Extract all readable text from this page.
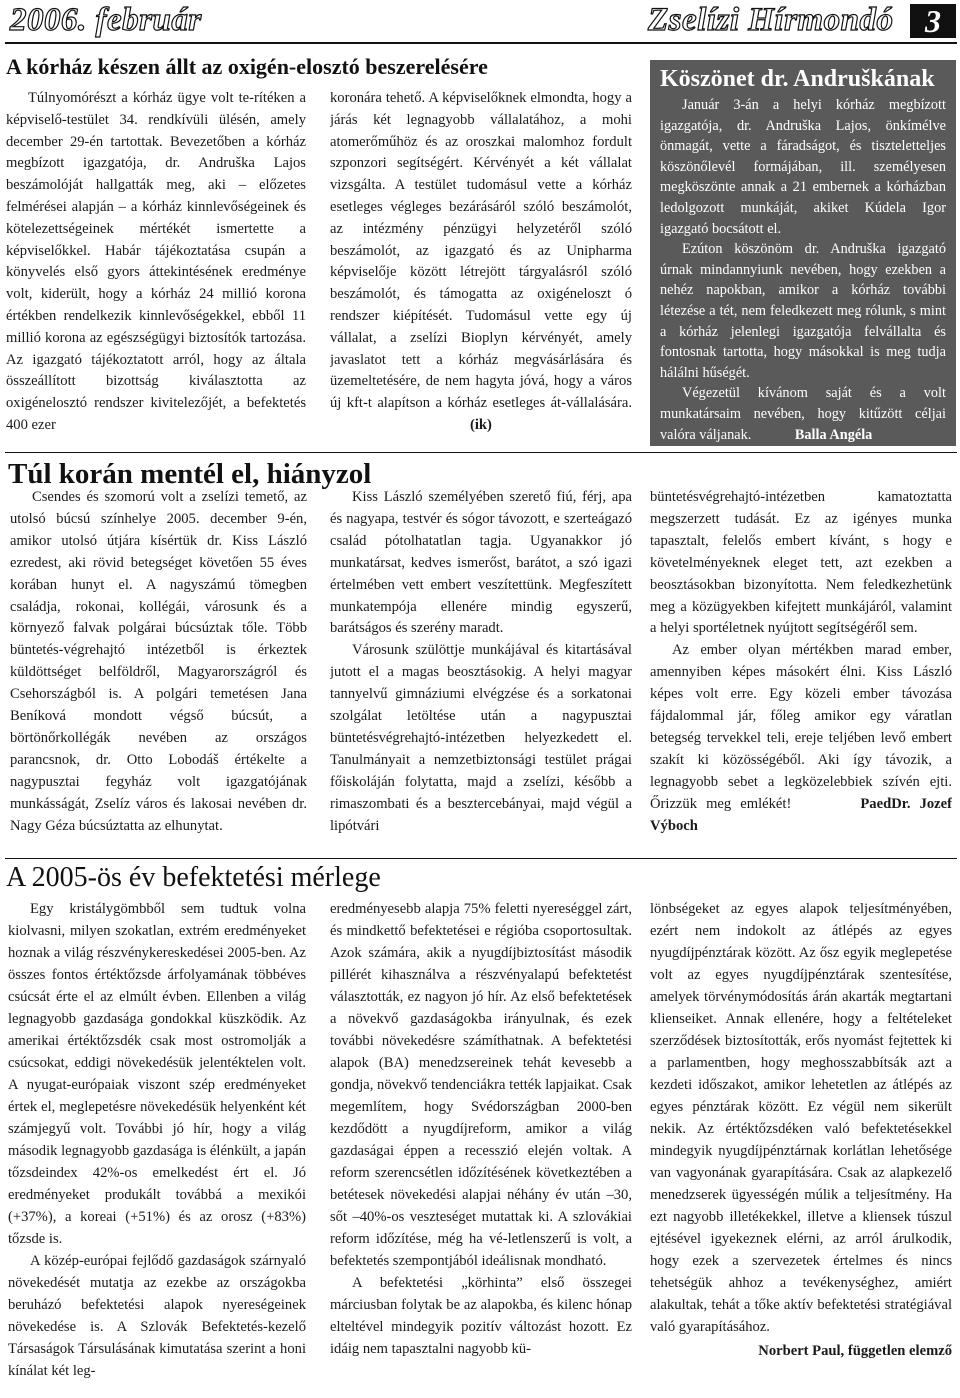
2006. február	Zselízi Hírmondó 3
A kórház készen állt az oxigén-elosztó beszerelésére

Túlnyomórészt a kórház ügye volt te-rítéken a képviselő-testület 34. rendkívüli ülésén, amely december 29-én tartottak. Bevezetőben a kórház megbízott igazgatója, dr. Andruška Lajos beszámolóját hallgatták meg, aki – előzetes felmérései alapján – a kórház kinnlevőségeinek és kötelezettségeinek mértékét ismertette a képviselőkkel. Habár tájékoztatása csupán a könyvelés első gyors áttekintésének eredménye volt, kiderült, hogy a kórház 24 millió korona értékben rendelkezik kinnlevőségekkel, ebből 11 millió korona az egészségügyi biztosítók tartozása. Az igazgató tájékoztatott arról, hogy az általa összeállított bizottság kiválasztotta az oxigénelosztó rendszer kivitelezőjét, a befektetés 400 ezer

koronára tehető. A képviselőknek elmondta, hogy a járás két legnagyobb vállalatához, a mohi atomerőműhöz és az oroszkai malomhoz fordult szponzori segítségért. Kérvényét a két vállalat vizsgálta. A testület tudomásul vette a kórház esetleges végleges bezárásáról szóló beszámolót, az intézmény pénzügyi helyzetéről szóló beszámolót, az igazgató és az Unipharma képviselője között létrejött tárgyalásról szóló beszámolót, és támogatta az oxigéneloszt ó rendszer kiépítését. Tudomásul vette egy új vállalat, a zselízi Bioplyn kérvényét, amely javaslatot tett a kórház megvásárlására és üzemeltetésére, de nem hagyta jóvá, hogy a város új kft-t alapítson a kórház esetleges át-vállalására. (ik)

Köszönet dr. Andruškának

Január 3-án a helyi kórház megbízott igazgatója, dr. Andruška Lajos, önkímélve önmagát, vette a fáradságot, és tiszteletteljes köszönőlevél formájában, ill. személyesen megköszönte annak a 21 embernek a kórházban ledolgozott munkáját, akiket Kúdela Igor igazgató bocsátott el.

Ezúton köszönöm dr. Andruška igazgató úrnak mindannyiunk nevében, hogy ezekben a nehéz napokban, amikor a kórház további létezése a tét, nem feledkezett meg rólunk, s mint a kórház jelenlegi igazgatója felvállalta és fontosnak tartotta, hogy másokkal is meg tudja hálálni hűségét.

Végezetül kívánom saját és a volt munkatársaim nevében, hogy kitűzött céljai valóra váljanak.	Balla Angéla

Túl korán mentél el, hiányzol

Csendes és szomorú volt a zselízi temető, az utolsó búcsú színhelye 2005. december 9-én, amikor utolsó útjára kísértük dr. Kiss László ezredest, aki rövid betegséget követően 55 éves korában hunyt el. A nagyszámú tömegben családja, rokonai, kollégái, városunk és a környező falvak polgárai búcsúztak tőle. Több büntetés-végrehajtó intézetből is érkeztek küldöttséget belföldről, Magyarországról és Csehországból is. A polgári temetésen Jana Beníková mondott végső búcsút, a börtönőrkollégák nevében az országos parancsnok, dr. Otto Lobodáš értékelte a nagypusztai fegyház volt igazgatójának munkásságát, Zselíz város és lakosai nevében dr. Nagy Géza búcsúztatta az elhunytat.

Kiss László személyében szerető fiú, férj, apa és nagyapa, testvér és sógor távozott, e szerteágazó család pótolhatatlan tagja. Ugyanakkor jó munkatársat, kedves ismerőst, barátot, a szó igazi értelmében vett embert veszítettünk. Megfeszített munkatempója ellenére mindig egyszerű, barátságos és szerény maradt.

Városunk szülöttje munkájával és kitartásával jutott el a magas beosztásokig. A helyi magyar tannyelvű gimnáziumi elvégzése és a sorkatonai szolgálat letöltése után a nagypusztai büntetésvégrehajtó-intézetben helyezkedett el. Tanulmányait a nemzetbiztonsági testület prágai főiskoláján folytatta, majd a zselízi, később a rimaszombati és a besztercebányai, majd végül a lipótvári

büntetésvégrehajtó-intézetben kamatoztatta megszerzett tudását. Ez az igényes munka tapasztalt, felelős embert kívánt, s hogy e követelményeknek eleget tett, azt ezekben a beosztásokban bizonyította. Nem feledkezhetünk meg a közügyekben kifejtett munkájáról, valamint a helyi sportéletnek nyújtott segítségéről sem.

Az ember olyan mértékben marad ember, amennyiben képes másokért élni. Kiss László képes volt erre. Egy közeli ember távozása fájdalommal jár, főleg amikor egy váratlan betegség tervekkel teli, ereje teljében levő embert szakít ki közösségéből. Aki így távozik, a legnagyobb sebet a legközelebbiek szívén ejti. Őrizzük meg emlékét!	PaedDr. Jozef Výboch

A 2005-ös év befektetési mérlege

Egy kristálygömbből sem tudtuk volna kiolvasni, milyen szokatlan, extrém eredményeket hoznak a világ részvénykereskedései 2005-ben. Az összes fontos értéktőzsde árfolyamának többéves csúcsát érte el az elmúlt évben. Ellenben a világ legnagyobb gazdasága gondokkal küszködik. Az amerikai értéktőzsdék csak most ostromolják a csúcsokat, eddigi növekedésük jelentéktelen volt. A nyugat-európaiak viszont szép eredményeket értek el, meglepetésre növekedésük helyenként két számjegyű volt. További jó hír, hogy a világ második legnagyobb gazdasága is élénkült, a japán tőzsdeindex 42%-os emelkedést ért el. Jó eredményeket produkált továbbá a mexikói (+37%), a koreai (+51%) és az orosz (+83%) tőzsde is.

A közép-európai fejlődő gazdaságok szárnyaló növekedését mutatja az ezekbe az országokba beruházó befektetési alapok nyereségeinek növekedése is. A Szlovák Befektetés-kezelő Társaságok Társulásának kimutatása szerint a honi kínálat két leg-

eredményesebb alapja 75% feletti nyereséggel zárt, és mindkettő befektetései e régióba csoportosultak. Azok számára, akik a nyugdíjbiztosítást második pillérét kihasználva a részvényalapú befektetést választották, ez nagyon jó hír. Az első befektetések a növekvő gazdaságokba irányulnak, és ezek további növekedésre számíthatnak. A befektetési alapok (BA) menedzsereinek tehát kevesebb a gondja, növekvő tendenciákra tették lapjaikat. Csak megemlítem, hogy Svédországban 2000-ben kezdődött a nyugdíjreform, amikor a világ gazdaságai éppen a recesszió elején voltak. A reform szerencsétlen időzítésének következtében a betétesek növekedési alapjai néhány év után –30, sőt –40%-os veszteséget mutattak ki. A szlovákiai reform időzítése, még ha vé-letlenszerű is volt, a befektetés szempontjából ideálisnak mondható.

A befektetési „körhinta” első összegei márciusban folytak be az alapokba, és kilenc hónap elteltével mindegyik pozitív változást hozott. Ez idáig nem tapasztalni nagyobb kü-

lönbségeket az egyes alapok teljesítményében, ezért nem indokolt az átlépés az egyes nyugdíjpénztárak között. Az ősz egyik meglepetése volt az egyes nyugdíjpénztárak szentesítése, amelyek törvénymódosítás árán akarták megtartani klienseiket. Annak ellenére, hogy a feltételeket szerződések biztosították, erős nyomást fejtettek ki a parlamentben, hogy meghosszabbítsák azt a kezdeti időszakot, amikor lehetetlen az átlépés az egyes pénztárak között. Ez végül nem sikerült nekik. Az értéktőzsdéken való befektetésekkel mindegyik nyugdíjpénztárnak korlátlan lehetősége van vagyonának gyarapítására. Csak az alapkezelő menedzserek ügyességén múlik a teljesítmény. Ha ezt nagyobb illetékekkel, illetve a kliensek túszul ejtésével igyekeznek elérni, az arról árulkodik, hogy ezek a szervezetek értelmes és nincs tehetségük ahhoz a tevékenységhez, amiért alakultak, tehát a tőke aktív befektetési stratégiával való gyarapításához.

Norbert Paul, független elemző
